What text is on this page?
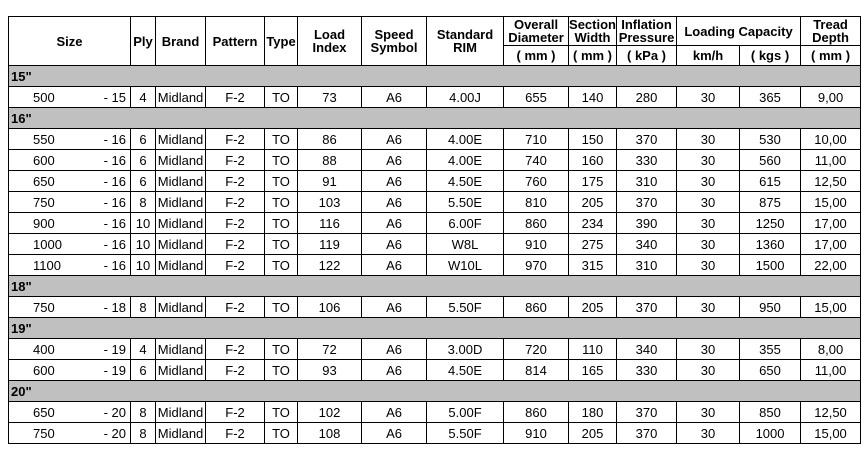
Size		Ply	Brand	Pattern	Type	Load Index	Speed Symbol	Standard RIM	Overall Diameter	Section Width	Inflation Pressure	Loading Capacity		Tread Depth
									( mm )	( mm )	( kPa )	km/h	( kgs )	( mm )
15"														
500	- 15	4	Midland	F-2	TO	73	A6	4.00J	655	140	280	30	365	9,00
16"														
550	- 16	6	Midland	F-2	TO	86	A6	4.00E	710	150	370	30	530	10,00
600	- 16	6	Midland	F-2	TO	88	A6	4.00E	740	160	330	30	560	11,00
650	- 16	6	Midland	F-2	TO	91	A6	4.50E	760	175	310	30	615	12,50
750	- 16	8	Midland	F-2	TO	103	A6	5.50E	810	205	370	30	875	15,00
900	- 16	10	Midland	F-2	TO	116	A6	6.00F	860	234	390	30	1250	17,00
1000	- 16	10	Midland	F-2	TO	119	A6	W8L	910	275	340	30	1360	17,00
1100	- 16	10	Midland	F-2	TO	122	A6	W10L	970	315	310	30	1500	22,00
18"														
750	- 18	8	Midland	F-2	TO	106	A6	5.50F	860	205	370	30	950	15,00
19"														
400	- 19	4	Midland	F-2	TO	72	A6	3.00D	720	110	340	30	355	8,00
600	- 19	6	Midland	F-2	TO	93	A6	4.50E	814	165	330	30	650	11,00
20"														
650	- 20	8	Midland	F-2	TO	102	A6	5.00F	860	180	370	30	850	12,50
750	- 20	8	Midland	F-2	TO	108	A6	5.50F	910	205	370	30	1000	15,00
